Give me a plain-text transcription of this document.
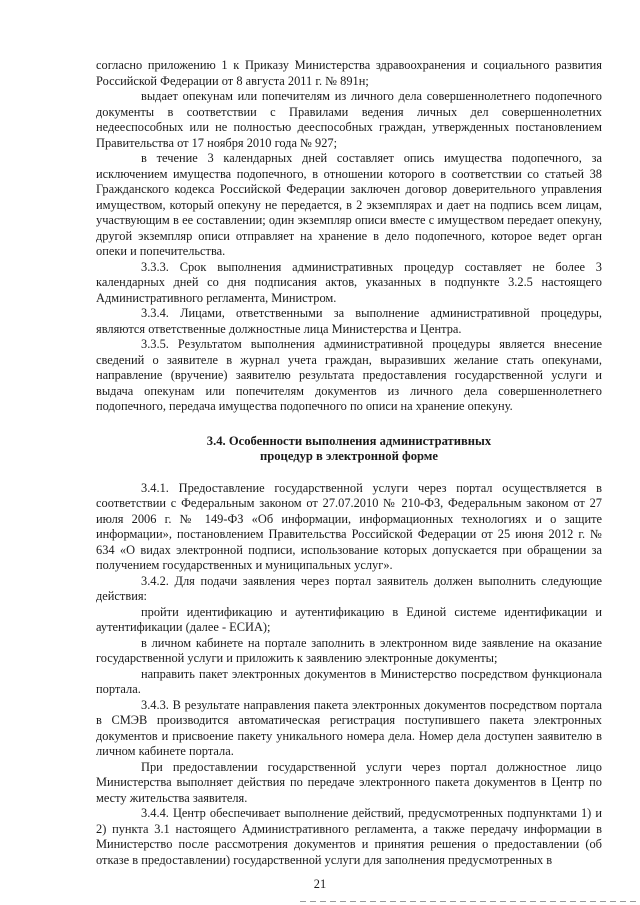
согласно приложению 1 к Приказу Министерства здравоохранения и социального развития Российской Федерации от 8 августа 2011 г. № 891н;

выдает опекунам или попечителям из личного дела совершеннолетнего подопечного документы в соответствии с Правилами ведения личных дел совершеннолетних недееспособных или не полностью дееспособных граждан, утвержденных постановлением Правительства от 17 ноября 2010 года № 927;

в течение 3 календарных дней составляет опись имущества подопечного, за исключением имущества подопечного, в отношении которого в соответствии со статьей 38 Гражданского кодекса Российской Федерации заключен договор доверительного управления имуществом, который опекуну не передается, в 2 экземплярах и дает на подпись всем лицам, участвующим в ее составлении; один экземпляр описи вместе с имуществом передает опекуну, другой экземпляр описи отправляет на хранение в дело подопечного, которое ведет орган опеки и попечительства.

3.3.3. Срок выполнения административных процедур составляет не более 3 календарных дней со дня подписания актов, указанных в подпункте 3.2.5 настоящего Административного регламента, Министром.

3.3.4. Лицами, ответственными за выполнение административной процедуры, являются ответственные должностные лица Министерства и Центра.

3.3.5. Результатом выполнения административной процедуры является внесение сведений о заявителе в журнал учета граждан, выразивших желание стать опекунами, направление (вручение) заявителю результата предоставления государственной услуги и выдача опекунам или попечителям документов из личного дела совершеннолетнего подопечного, передача имущества подопечного по описи на хранение опекуну.

3.4. Особенности выполнения административных
процедур в электронной форме

3.4.1. Предоставление государственной услуги через портал осуществляется в соответствии с Федеральным законом от 27.07.2010 № 210-ФЗ, Федеральным законом от 27 июля 2006 г. № 149-ФЗ «Об информации, информационных технологиях и о защите информации», постановлением Правительства Российской Федерации от 25 июня 2012 г. № 634 «О видах электронной подписи, использование которых допускается при обращении за получением государственных и муниципальных услуг».

3.4.2. Для подачи заявления через портал заявитель должен выполнить следующие действия:

пройти идентификацию и аутентификацию в Единой системе идентификации и аутентификации (далее - ЕСИА);

в личном кабинете на портале заполнить в электронном виде заявление на оказание государственной услуги и приложить к заявлению электронные документы;

направить пакет электронных документов в Министерство посредством функционала портала.

3.4.3. В результате направления пакета электронных документов посредством портала в СМЭВ производится автоматическая регистрация поступившего пакета электронных документов и присвоение пакету уникального номера дела. Номер дела доступен заявителю в личном кабинете портала.

При предоставлении государственной услуги через портал должностное лицо Министерства выполняет действия по передаче электронного пакета документов в Центр по месту жительства заявителя.

3.4.4. Центр обеспечивает выполнение действий, предусмотренных подпунктами 1) и 2) пункта 3.1 настоящего Административного регламента, а также передачу информации в Министерство после рассмотрения документов и принятия решения о предоставлении (об отказе в предоставлении) государственной услуги для заполнения предусмотренных в

21
